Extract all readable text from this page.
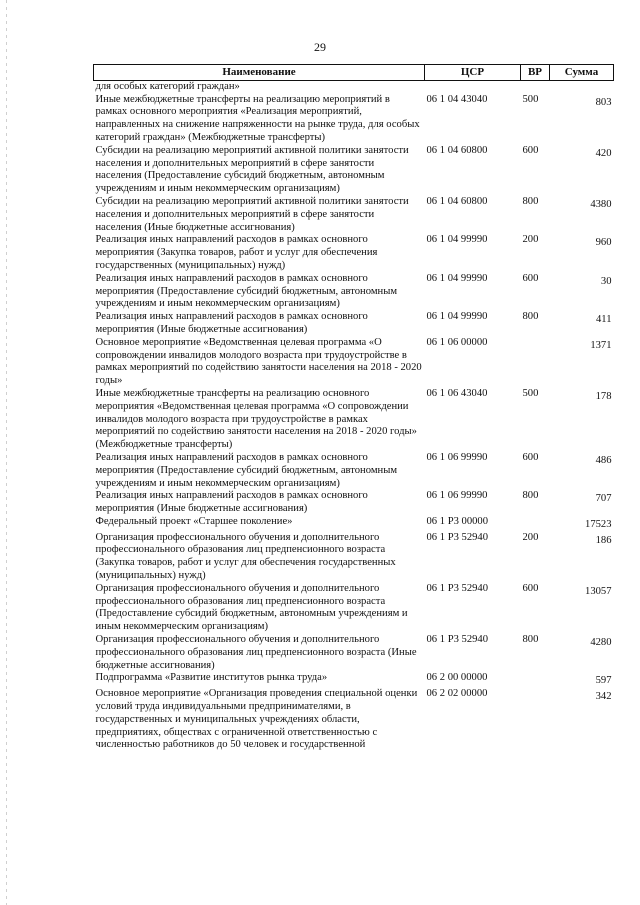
29
Наименование	ЦСР	ВР	Сумма
для особых категорий граждан»			
Иные межбюджетные трансферты на реализацию мероприятий в рамках основного мероприятия «Реализация мероприятий, направленных на снижение напряженности на рынке труда, для особых категорий граждан» (Межбюджетные трансферты)	06 1 04 43040	500	803
Субсидии на реализацию мероприятий активной политики занятости населения и дополнительных мероприятий в сфере занятости населения (Предоставление субсидий бюджетным, автономным учреждениям и иным некоммерческим организациям)	06 1 04 60800	600	420
Субсидии на реализацию мероприятий активной политики занятости населения и дополнительных мероприятий в сфере занятости населения (Иные бюджетные ассигнования)	06 1 04 60800	800	4380
Реализация иных направлений расходов в рамках основного мероприятия (Закупка товаров, работ и услуг для обеспечения государственных (муниципальных) нужд)	06 1 04 99990	200	960
Реализация иных направлений расходов в рамках основного мероприятия (Предоставление субсидий бюджетным, автономным учреждениям и иным некоммерческим организациям)	06 1 04 99990	600	30
Реализация иных направлений расходов в рамках основного мероприятия (Иные бюджетные ассигнования)	06 1 04 99990	800	411
Основное мероприятие «Ведомственная целевая программа «О сопровождении инвалидов молодого возраста при трудоустройстве в рамках мероприятий по содействию занятости населения на 2018 - 2020 годы»	06 1 06 00000		1371
Иные межбюджетные трансферты на реализацию основного мероприятия «Ведомственная целевая программа «О сопровождении инвалидов молодого возраста при трудоустройстве в рамках мероприятий по содействию занятости населения на 2018 - 2020 годы» (Межбюджетные трансферты)	06 1 06 43040	500	178
Реализация иных направлений расходов в рамках основного мероприятия (Предоставление субсидий бюджетным, автономным учреждениям и иным некоммерческим организациям)	06 1 06 99990	600	486
Реализация иных направлений расходов в рамках основного мероприятия (Иные бюджетные ассигнования)	06 1 06 99990	800	707
Федеральный проект «Старшее поколение»	06 1 P3 00000		17523
Организация профессионального обучения и дополнительного профессионального образования лиц предпенсионного возраста (Закупка товаров, работ и услуг для обеспечения государственных (муниципальных) нужд)	06 1 P3 52940	200	186
Организация профессионального обучения и дополнительного профессионального образования лиц предпенсионного возраста (Предоставление субсидий бюджетным, автономным учреждениям и иным некоммерческим организациям)	06 1 P3 52940	600	13057
Организация профессионального обучения и дополнительного профессионального образования лиц предпенсионного возраста (Иные бюджетные ассигнования)	06 1 P3 52940	800	4280
Подпрограмма «Развитие институтов рынка труда»	06 2 00 00000		597
Основное мероприятие «Организация проведения специальной оценки условий труда индивидуальными предпринимателями, в государственных и муниципальных учреждениях области, предприятиях, обществах с ограниченной ответственностью с численностью работников до 50 человек и государственной	06 2 02 00000		342
